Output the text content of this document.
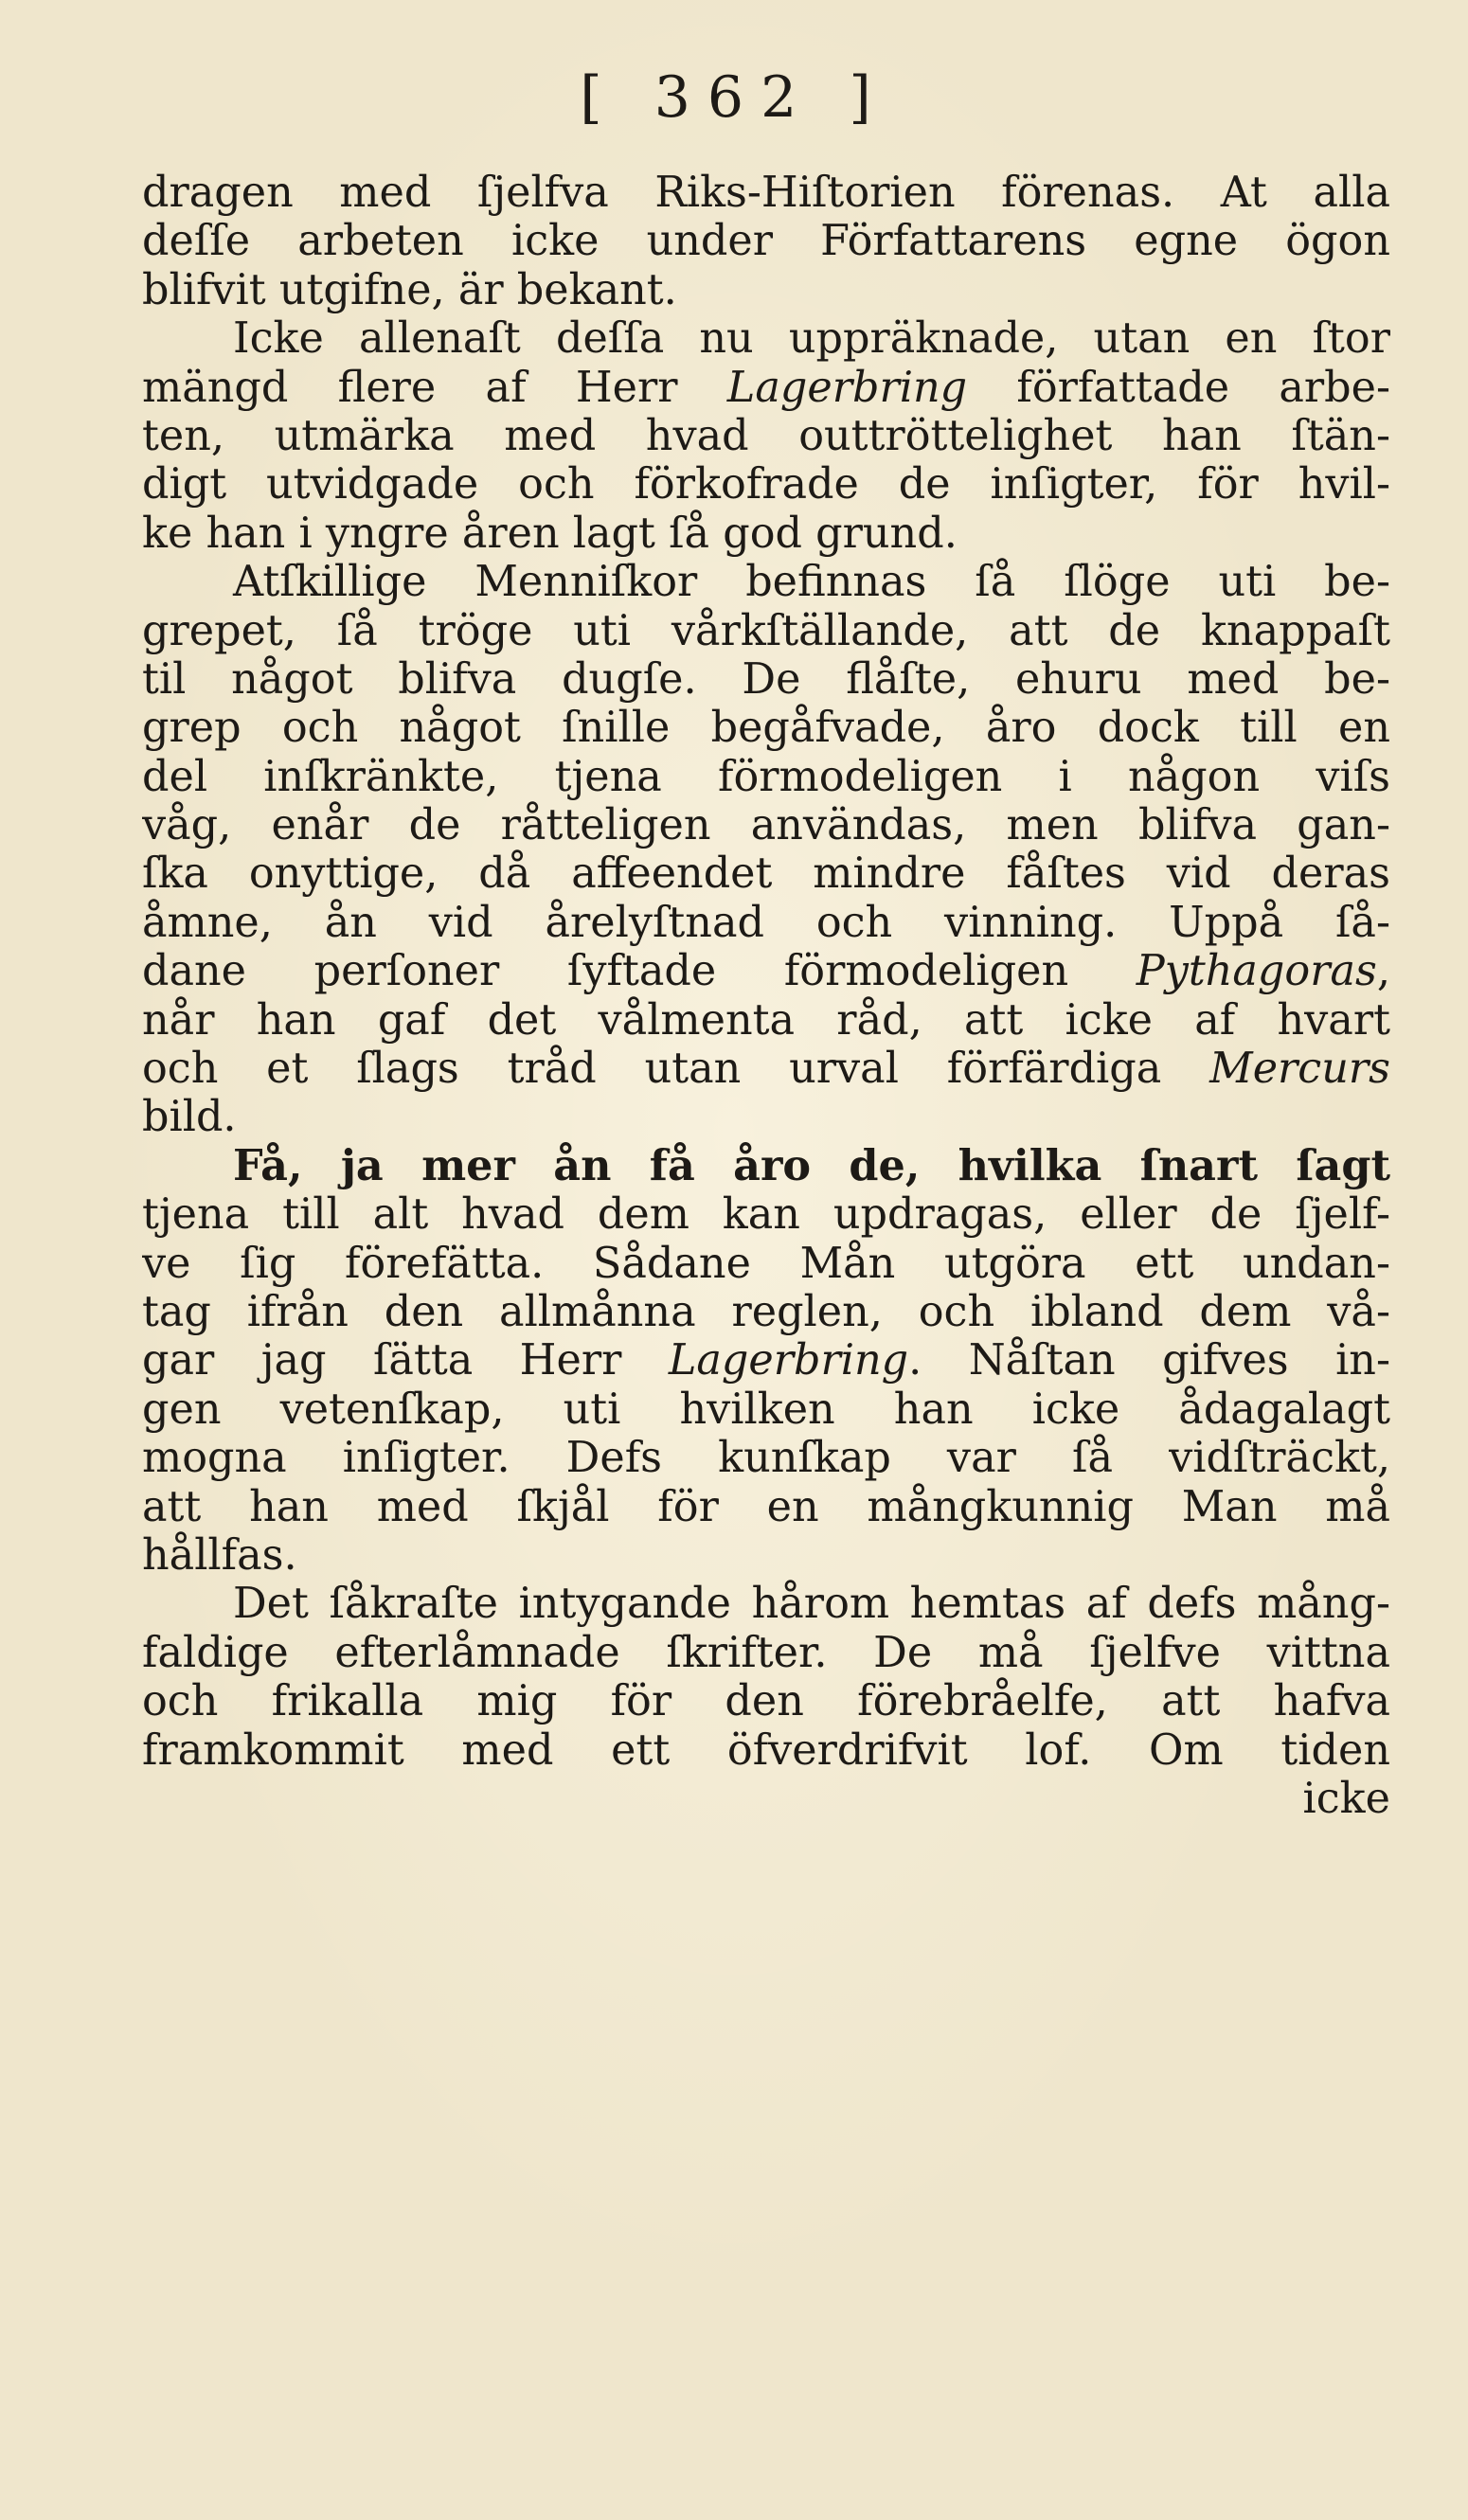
[ 362 ]
dragen med ſjelfva Riks-Hiſtorien förenas. At alla
deſſe arbeten icke under Författarens egne ögon
blifvit utgifne, är bekant.
Icke allenaſt deſſa nu uppräknade, utan en ſtor
mängd flere af Herr Lagerbring författade arbe-
ten, utmärka med hvad outtröttelighet han ſtän-
digt utvidgade och förkofrade de inſigter, för hvil-
ke han i yngre åren lagt ſå god grund.
Atſkillige Menniſkor befinnas ſå ſlöge uti be-
grepet, ſå tröge uti vårkſtällande, att de knappaſt
til något blifva dugſe. De flåſte, ehuru med be-
grep och något ſnille begåfvade, åro dock till en
del inſkränkte, tjena förmodeligen i någon viſs
våg, enår de råtteligen användas, men blifva gan-
ſka onyttige, då affeendet mindre fåſtes vid deras
åmne, ån vid årelyſtnad och vinning. Uppå ſå-
dane perſoner ſyftade förmodeligen Pythagoras,
når han gaf det vålmenta råd, att icke af hvart
och et ſlags tråd utan urval förfärdiga Mercurs
bild.
Få, ja mer ån få åro de, hvilka ſnart ſagt
tjena till alt hvad dem kan updragas, eller de ſjelf-
ve ſig förefätta. Sådane Mån utgöra ett undan-
tag ifrån den allmånna reglen, och ibland dem vå-
gar jag ſätta Herr Lagerbring. Nåſtan gifves in-
gen vetenſkap, uti hvilken han icke ådagalagt
mogna inſigter. Defs kunſkap var ſå vidſträckt,
att han med ſkjål för en mångkunnig Man må
hållfas.
Det ſåkraſte intygande hårom hemtas af defs mång-
faldige efterlåmnade ſkrifter. De må ſjelfve vittna
och frikalla mig för den förebråelfe, att hafva
framkommit med ett öfverdrifvit lof. Om tiden
icke
